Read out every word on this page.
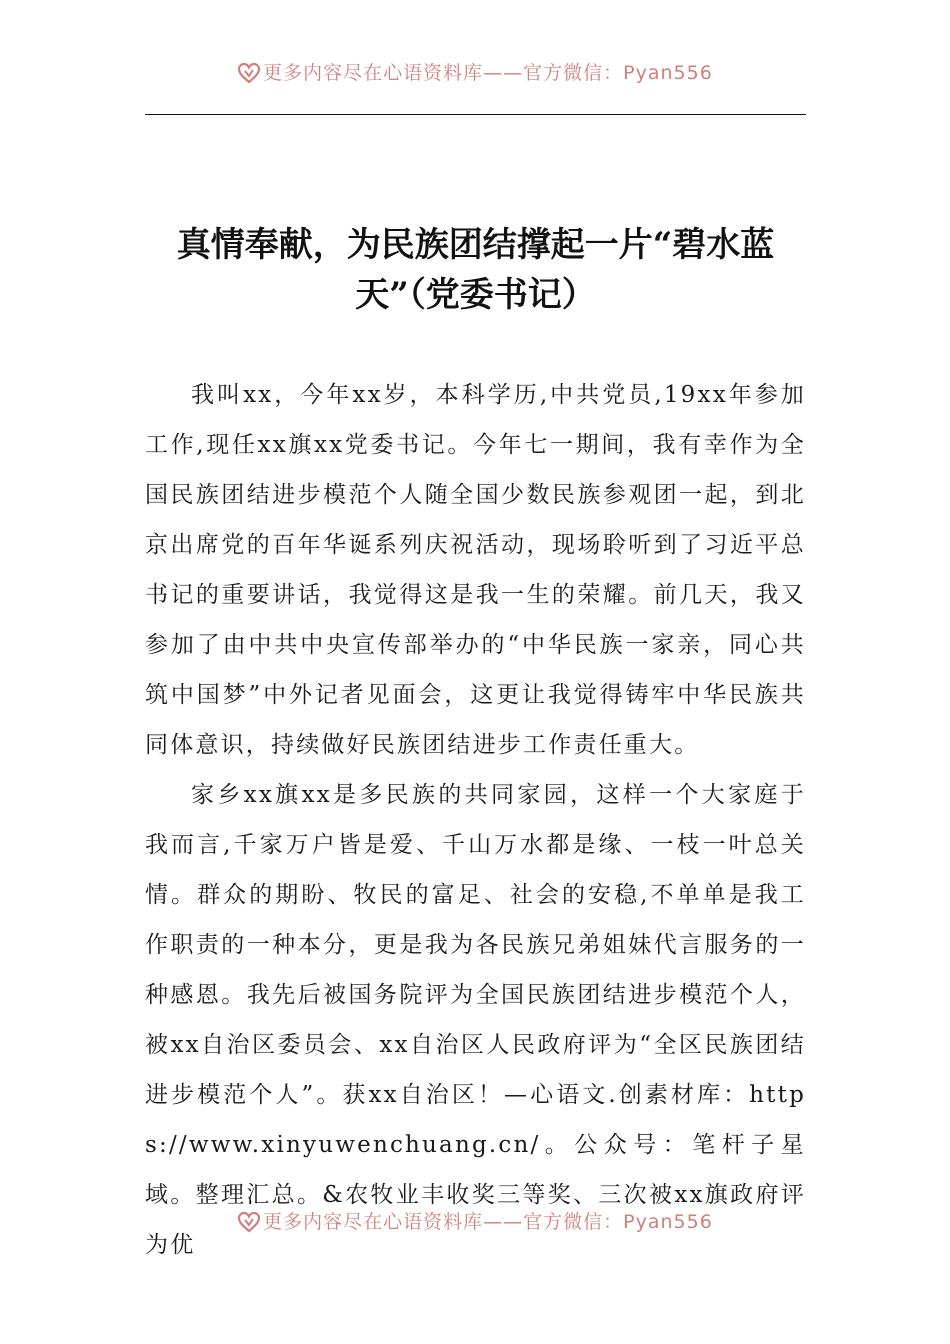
更多内容尽在心语资料库——官方微信：Pyan556
真情奉献，为民族团结撑起一片“碧水蓝天”（党委书记）

我叫xx，今年xx岁，本科学历,中共党员,19xx年参加工作,现任xx旗xx党委书记。今年七一期间，我有幸作为全国民族团结进步模范个人随全国少数民族参观团一起，到北京出席党的百年华诞系列庆祝活动，现场聆听到了习近平总书记的重要讲话，我觉得这是我一生的荣耀。前几天，我又参加了由中共中央宣传部举办的“中华民族一家亲，同心共筑中国梦”中外记者见面会，这更让我觉得铸牢中华民族共同体意识，持续做好民族团结进步工作责任重大。

家乡xx旗xx是多民族的共同家园，这样一个大家庭于我而言,千家万户皆是爱、千山万水都是缘、一枝一叶总关情。群众的期盼、牧民的富足、社会的安稳,不单单是我工作职责的一种本分，更是我为各民族兄弟姐妹代言服务的一种感恩。我先后被国务院评为全国民族团结进步模范个人，被xx自治区委员会、xx自治区人民政府评为“全区民族团结进步模范个人”。获xx自治区！—心语文.创素材库：https://www.xinyuwenchuang.cn/。公众号：笔杆子星域。整理汇总。&农牧业丰收奖三等奖、三次被xx旗政府评为优

更多内容尽在心语资料库——官方微信：Pyan556
